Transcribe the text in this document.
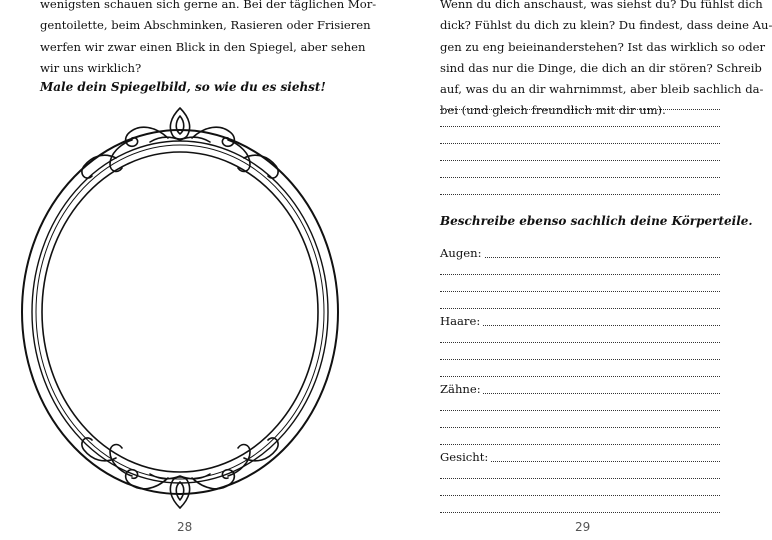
wenigsten schauen sich gerne an. Bei der täglichen Mor-
gentoilette, beim Abschminken, Rasieren oder Frisieren
werfen wir zwar einen Blick in den Spiegel, aber sehen
wir uns wirklich?

Male dein Spiegelbild, so wie du es siehst!

28

Wenn du dich anschaust, was siehst du? Du fühlst dich
dick? Fühlst du dich zu klein? Du findest, dass deine Au-
gen zu eng beieinanderstehen? Ist das wirklich so oder
sind das nur die Dinge, die dich an dir stören? Schreib
auf, was du an dir wahrnimmst, aber bleib sachlich da-
bei (und gleich freundlich mit dir um).

Beschreibe ebenso sachlich deine Körperteile.

Augen:
Haare:
Zähne:
Gesicht:
29
